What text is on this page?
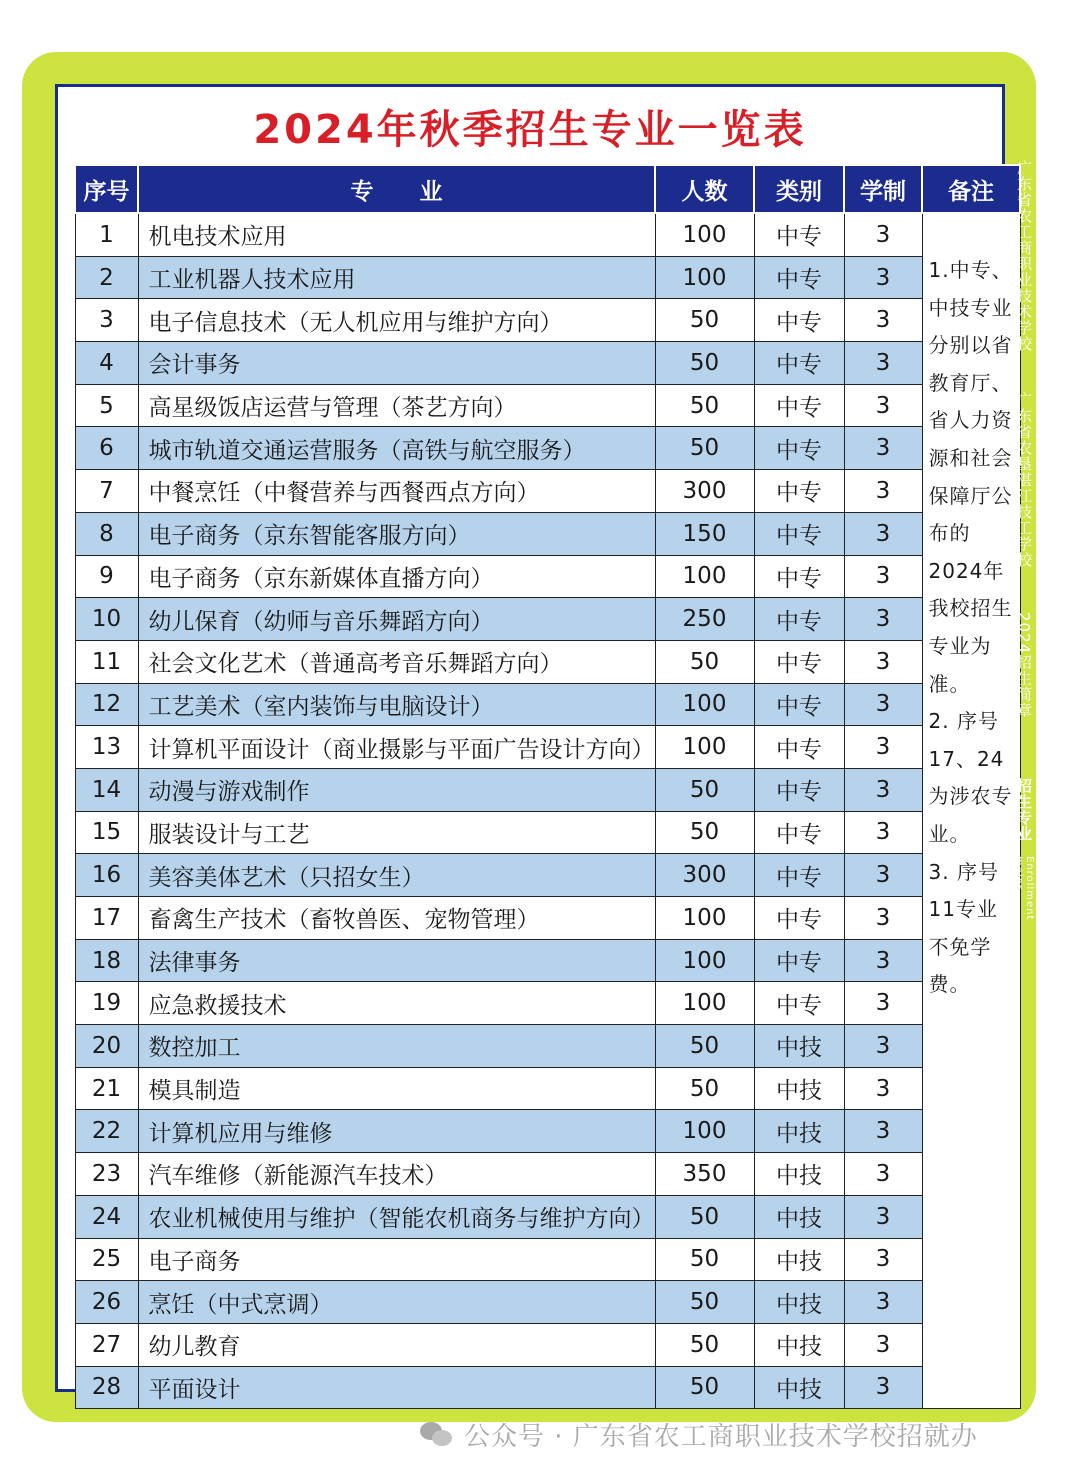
2024年秋季招生专业一览表
序号	专　　业	人数	类别	学制	备注
1	机电技术应用	100	中专	3	1.中专、中技专业分别以省教育厅、省人力资源和社会保障厅公布的2024年我校招生专业为准。

2. 序号17、24为涉农专业。

3. 序号11专业不免学费。

2	工业机器人技术应用	100	中专	3	
3	电子信息技术（无人机应用与维护方向）	50	中专	3	
4	会计事务	50	中专	3	
5	高星级饭店运营与管理（茶艺方向）	50	中专	3	
6	城市轨道交通运营服务（高铁与航空服务）	50	中专	3	
7	中餐烹饪（中餐营养与西餐西点方向）	300	中专	3	
8	电子商务（京东智能客服方向）	150	中专	3	
9	电子商务（京东新媒体直播方向）	100	中专	3	
10	幼儿保育（幼师与音乐舞蹈方向）	250	中专	3	
11	社会文化艺术（普通高考音乐舞蹈方向）	50	中专	3	
12	工艺美术（室内装饰与电脑设计）	100	中专	3	
13	计算机平面设计（商业摄影与平面广告设计方向）	100	中专	3	
14	动漫与游戏制作	50	中专	3	
15	服装设计与工艺	50	中专	3	
16	美容美体艺术（只招女生）	300	中专	3	
17	畜禽生产技术（畜牧兽医、宠物管理）	100	中专	3	
18	法律事务	100	中专	3	
19	应急救援技术	100	中专	3	
20	数控加工	50	中技	3	
21	模具制造	50	中技	3	
22	计算机应用与维修	100	中技	3	
23	汽车维修（新能源汽车技术）	350	中技	3	
24	农业机械使用与维护（智能农机商务与维护方向）	50	中技	3	
25	电子商务	50	中技	3	
26	烹饪（中式烹调）	50	中技	3	
27	幼儿教育	50	中技	3	
28	平面设计	50	中技	3	
广东省农工商职业技术学校
广东省农垦湛江技工学校
2024招生简章
招生专业
Enrollment major
公众号 · 广东省农工商职业技术学校招就办
